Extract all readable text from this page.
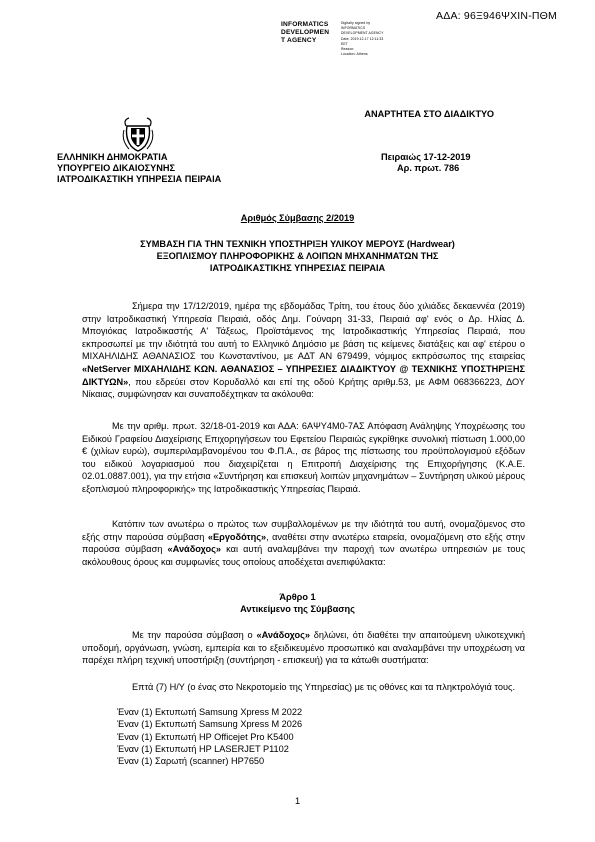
ΑΔΑ: 96Ξ946ΨΧΙΝ-ΠΘΜ
INFORMATICS
DEVELOPMEN
T AGENCY
Digitally signed by
INFORMATICS
DEVELOPMENT AGENCY
Date: 2019.12.17 12:11:33
EET
Reason:
Location: Athens
ΑΝΑΡΤΗΤΕΑ ΣΤΟ ΔΙΑΔΙΚΤΥΟ
ΕΛΛΗΝΙΚΗ ΔΗΜΟΚΡΑΤΙΑ
ΥΠΟΥΡΓΕΙΟ ΔΙΚΑΙΟΣΥΝΗΣ
ΙΑΤΡΟΔΙΚΑΣΤΙΚΗ ΥΠΗΡΕΣΙΑ ΠΕΙΡΑΙΑ
Πειραιώς 17-12-2019
Αρ. πρωτ. 786
Αριθμός Σύμβασης 2/2019
ΣΥΜΒΑΣΗ ΓΙΑ ΤΗΝ ΤΕΧΝΙΚΗ ΥΠΟΣΤΗΡΙΞΗ ΥΛΙΚΟΥ ΜΕΡΟΥΣ (Hardwear)
ΕΞΟΠΛΙΣΜΟΥ ΠΛΗΡΟΦΟΡΙΚΗΣ & ΛΟΙΠΩΝ ΜΗΧΑΝΗΜΑΤΩΝ ΤΗΣ
ΙΑΤΡΟΔΙΚΑΣΤΙΚΗΣ ΥΠΗΡΕΣΙΑΣ ΠΕΙΡΑΙΑ
Σήμερα την 17/12/2019, ημέρα της εβδομάδας Τρίτη, του έτους δύο χιλιάδες δεκαεννέα (2019) στην Ιατροδικαστική Υπηρεσία Πειραιά, οδός Δημ. Γούναρη 31-33, Πειραιά αφ' ενός ο Δρ. Ηλίας Δ. Μπογιόκας Ιατροδικαστής Α' Τάξεως, Προϊστάμενος της Ιατροδικαστικής Υπηρεσίας Πειραιά, που εκπροσωπεί με την ιδιότητά του αυτή το Ελληνικό Δημόσιο με βάση τις κείμενες διατάξεις και αφ' ετέρου ο ΜΙΧΑΗΛΙΔΗΣ ΑΘΑΝΑΣΙΟΣ του Κωνσταντίνου, με ΑΔΤ ΑΝ 679499, νόμιμος εκπρόσωπος της εταιρείας «NetServer ΜΙΧΑΗΛΙΔΗΣ ΚΩΝ. ΑΘΑΝΑΣΙΟΣ – ΥΠΗΡΕΣΙΕΣ ΔΙΑΔΙΚΤΥΟΥ @ ΤΕΧΝΙΚΗΣ ΥΠΟΣΤΗΡΙΞΗΣ ΔΙΚΤΥΩΝ», που εδρεύει στον Κορυδαλλό και επί της οδού Κρήτης αριθμ.53, με ΑΦΜ 068366223, ΔΟΥ Νίκαιας, συμφώνησαν και συναποδέχτηκαν τα ακόλουθα:
Με την αριθμ. πρωτ. 32/18-01-2019 και ΑΔΑ: 6ΑΨΥ4Μ0-7ΑΣ Απόφαση Ανάληψης Υποχρέωσης του Ειδικού Γραφείου Διαχείρισης Επιχορηγήσεων του Εφετείου Πειραιώς εγκρίθηκε συνολική πίστωση 1.000,00 € (χιλίων ευρώ), συμπεριλαμβανομένου του Φ.Π.Α., σε βάρος της πίστωσης του προϋπολογισμού εξόδων του ειδικού λογαριασμού που διαχειρίζεται η Επιτροπή Διαχείρισης της Επιχορήγησης (Κ.Α.Ε. 02.01.0887.001), για την ετήσια «Συντήρηση και επισκευή λοιπών μηχανημάτων – Συντήρηση υλικού μέρους εξοπλισμού πληροφορικής» της Ιατροδικαστικής Υπηρεσίας Πειραιά.
Κατόπιν των ανωτέρω ο πρώτος των συμβαλλομένων με την ιδιότητά του αυτή, ονομαζόμενος στο εξής στην παρούσα σύμβαση «Εργοδότης», αναθέτει στην ανωτέρω εταιρεία, ονομαζόμενη στο εξής στην παρούσα σύμβαση «Ανάδοχος» και αυτή αναλαμβάνει την παροχή των ανωτέρω υπηρεσιών με τους ακόλουθους όρους και συμφωνίες τους οποίους αποδέχεται ανεπιφύλακτα:
Άρθρο 1
Αντικείμενο της Σύμβασης
Με την παρούσα σύμβαση ο «Ανάδοχος» δηλώνει, ότι διαθέτει την απαιτούμενη υλικοτεχνική υποδομή, οργάνωση, γνώση, εμπειρία και το εξειδικευμένο προσωπικό και αναλαμβάνει την υποχρέωση να παρέχει πλήρη τεχνική υποστήριξη (συντήρηση - επισκευή) για τα κάτωθι συστήματα:
Επτά (7) Η/Υ (ο ένας στο Νεκροτομείο της Υπηρεσίας) με τις οθόνες και τα πληκτρολόγιά τους.
Έναν (1) Εκτυπωτή Samsung Xpress M 2022
Έναν (1) Εκτυπωτή Samsung Xpress M 2026
Έναν (1) Εκτυπωτή HP Officejet Pro K5400
Έναν (1) Εκτυπωτή HP LASERJET P1102
Έναν (1) Σαρωτή (scanner) HP7650
1
